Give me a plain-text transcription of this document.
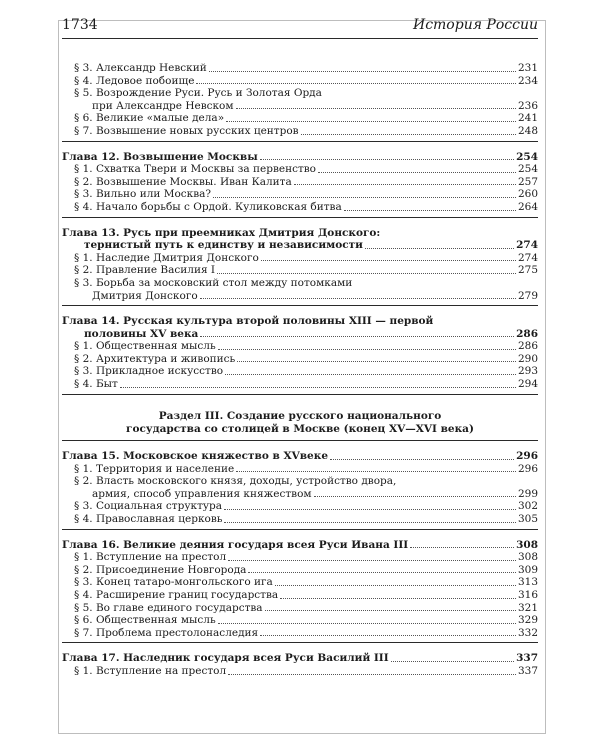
1734	История России
§ 3. Александр Невский	231
§ 4. Ледовое побоище	234
§ 5. Возрождение Руси. Русь и Золотая Орда
при Александре Невском	236
§ 6. Великие «малые дела»	241
§ 7. Возвышение новых русских центров	248
Глава 12. Возвышение Москвы	254
§ 1. Схватка Твери и Москвы за первенство	254
§ 2. Возвышение Москвы. Иван Калита	257
§ 3. Вильно или Москва?	260
§ 4. Начало борьбы с Ордой. Куликовская битва	264
Глава 13. Русь при преемниках Дмитрия Донского:
тернистый путь к единству и независимости	274
§ 1. Наследие Дмитрия Донского	274
§ 2. Правление Василия I	275
§ 3. Борьба за московский стол между потомками
Дмитрия Донского	279
Глава 14. Русская культура второй половины XIII — первой
половины XV века	286
§ 1. Общественная мысль	286
§ 2. Архитектура и живопись	290
§ 3. Прикладное искусство	293
§ 4. Быт	294
Раздел III. Создание русского национального
государства со столицей в Москве (конец XV—XVI века)
Глава 15. Московское княжество в XVвеке	296
§ 1. Территория и население	296
§ 2. Власть московского князя, доходы, устройство двора,
армия, способ управления княжеством	299
§ 3. Социальная структура	302
§ 4. Православная церковь	305
Глава 16. Великие деяния государя всея Руси Ивана III	308
§ 1. Вступление на престол	308
§ 2. Присоединение Новгорода	309
§ 3. Конец татаро-монгольского ига	313
§ 4. Расширение границ государства	316
§ 5. Во главе единого государства	321
§ 6. Общественная мысль	329
§ 7. Проблема престолонаследия	332
Глава 17. Наследник государя всея Руси Василий III	337
§ 1. Вступление на престол	337
